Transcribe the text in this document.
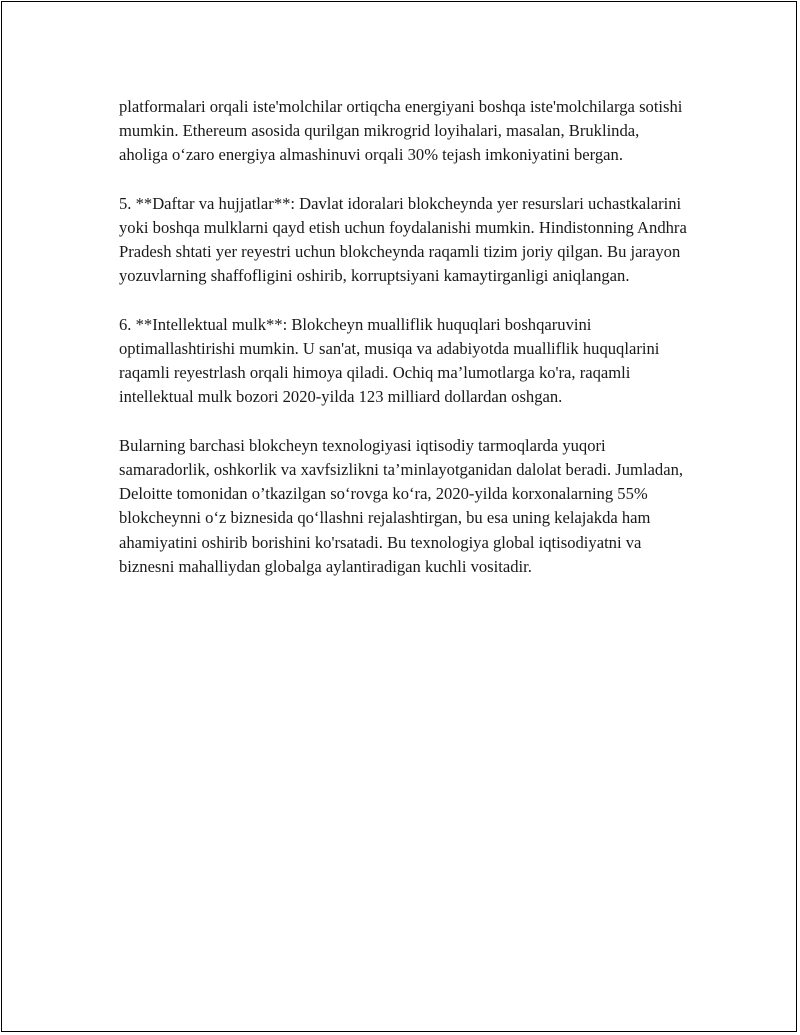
platformalari orqali iste'molchilar ortiqcha energiyani boshqa iste'molchilarga sotishi mumkin. Ethereum asosida qurilgan mikrogrid loyihalari, masalan, Bruklinda, aholiga o‘zaro energiya almashinuvi orqali 30% tejash imkoniyatini bergan.

5. **Daftar va hujjatlar**: Davlat idoralari blokcheynda yer resurslari uchastkalarini yoki boshqa mulklarni qayd etish uchun foydalanishi mumkin. Hindistonning Andhra Pradesh shtati yer reyestri uchun blokcheynda raqamli tizim joriy qilgan. Bu jarayon yozuvlarning shaffofligini oshirib, korruptsiyani kamaytirganligi aniqlangan.

6. **Intellektual mulk**: Blokcheyn mualliflik huquqlari boshqaruvini optimallashtirishi mumkin. U san'at, musiqa va adabiyotda mualliflik huquqlarini raqamli reyestrlash orqali himoya qiladi. Ochiq ma’lumotlarga ko'ra, raqamli intellektual mulk bozori 2020-yilda 123 milliard dollardan oshgan.

Bularning barchasi blokcheyn texnologiyasi iqtisodiy tarmoqlarda yuqori samaradorlik, oshkorlik va xavfsizlikni ta’minlayotganidan dalolat beradi. Jumladan, Deloitte tomonidan o’tkazilgan so‘rovga ko‘ra, 2020-yilda korxonalarning 55% blokcheynni o‘z biznesida qo‘llashni rejalashtirgan, bu esa uning kelajakda ham ahamiyatini oshirib borishini ko'rsatadi. Bu texnologiya global iqtisodiyatni va biznesni mahalliydan globalga aylantiradigan kuchli vositadir.
